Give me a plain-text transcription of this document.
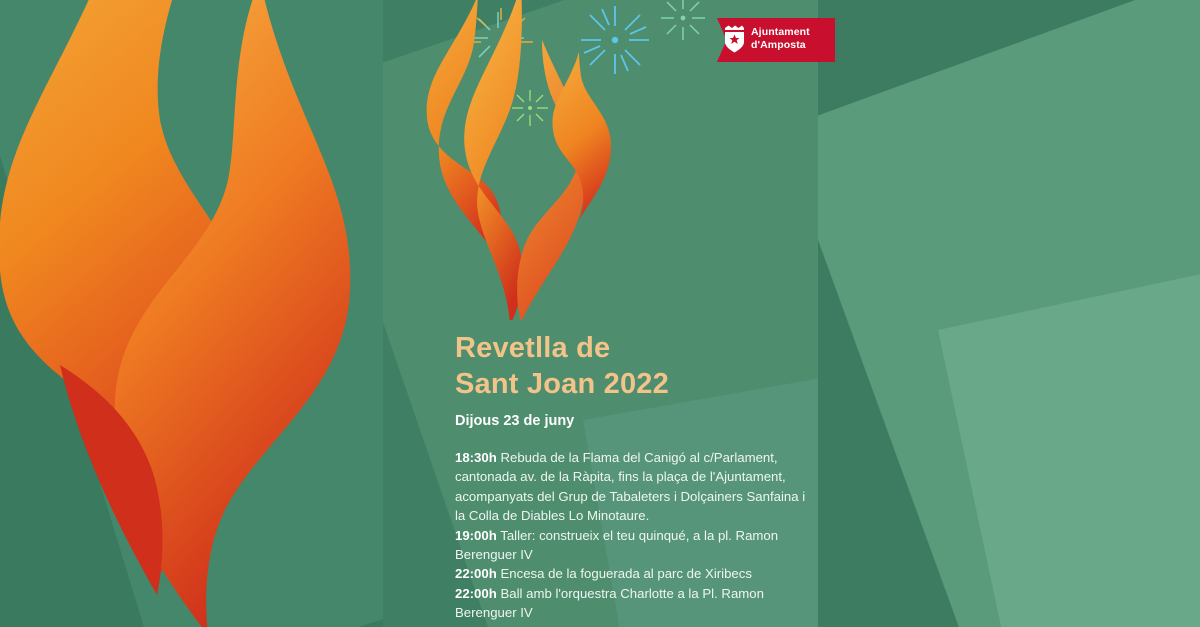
Revetlla de
Sant Joan 2022
Dijous 23 de juny
18:30h Rebuda de la Flama del Canigó al c/Parlament, cantonada av. de la Ràpita, fins la plaça de l'Ajuntament, acompanyats del Grup de Tabaleters i Dolçainers Sanfaina i la Colla de Diables Lo Minotaure.
19:00h Taller: construeix el teu quinqué, a la pl. Ramon Berenguer IV
22:00h Encesa de la foguerada al parc de Xiribecs
22:00h Ball amb l'orquestra Charlotte a la Pl. Ramon Berenguer IV
Ajuntament
d'Amposta
